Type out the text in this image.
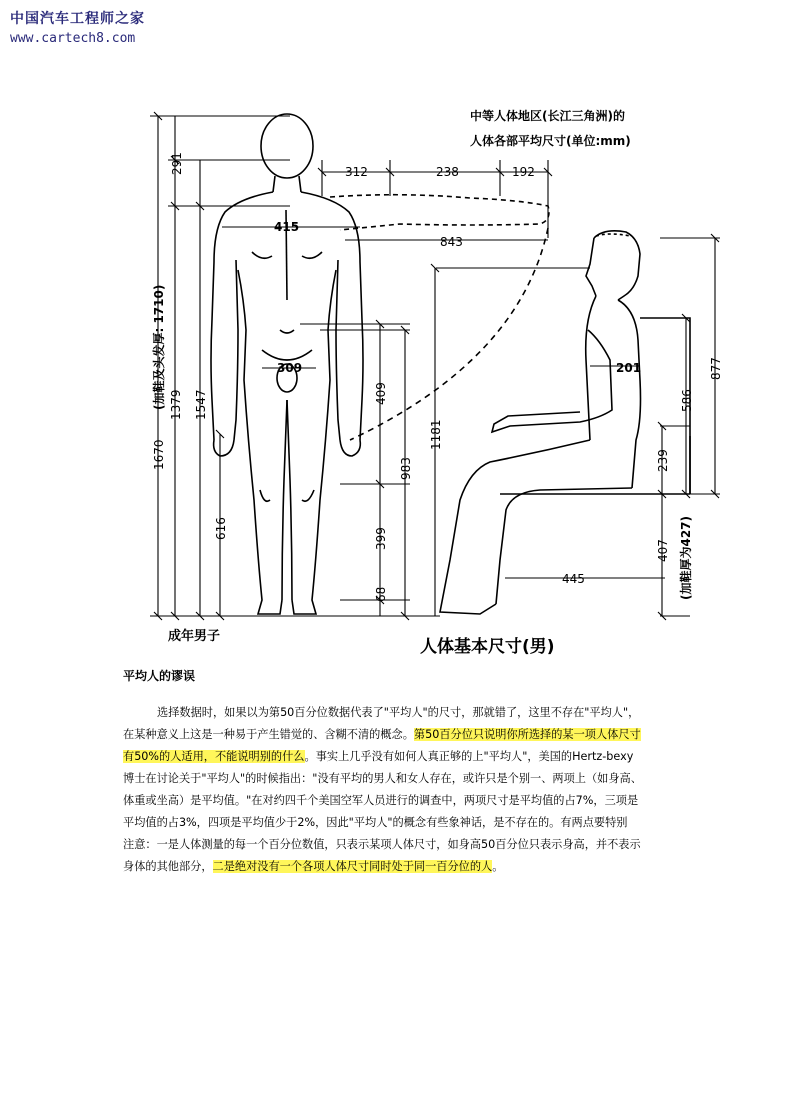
中国汽车工程师之家
www.cartech8.com
中等人体地区(长江三角洲)的
人体各部平均尺寸(单位:mm)
312	238	192
415
843
309	201
445
291
1670
(加鞋及头发厚: 1710) 1379 1547
616
409
399
68
983
1181
586
877
239
407 (加鞋厚为427)
成年男子
人体基本尺寸(男)
平均人的谬误
选择数据时，如果以为第50百分位数据代表了"平均人"的尺寸，那就错了，这里不存在"平均人"，
在某种意义上这是一种易于产生错觉的、含糊不清的概念。第50百分位只说明你所选择的某一项人体尺寸
有50%的人适用，不能说明别的什么。事实上几乎没有如何人真正够的上"平均人"，美国的Hertz-bexy
博士在讨论关于"平均人"的时候指出："没有平均的男人和女人存在，或许只是个别一、两项上（如身高、
体重或坐高）是平均值。"在对约四千个美国空军人员进行的调查中，两项尺寸是平均值的占7%，三项是
平均值的占3%，四项是平均值少于2%，因此"平均人"的概念有些象神话，是不存在的。有两点要特别
注意：一是人体测量的每一个百分位数值，只表示某项人体尺寸，如身高50百分位只表示身高，并不表示
身体的其他部分，二是绝对没有一个各项人体尺寸同时处于同一百分位的人。
